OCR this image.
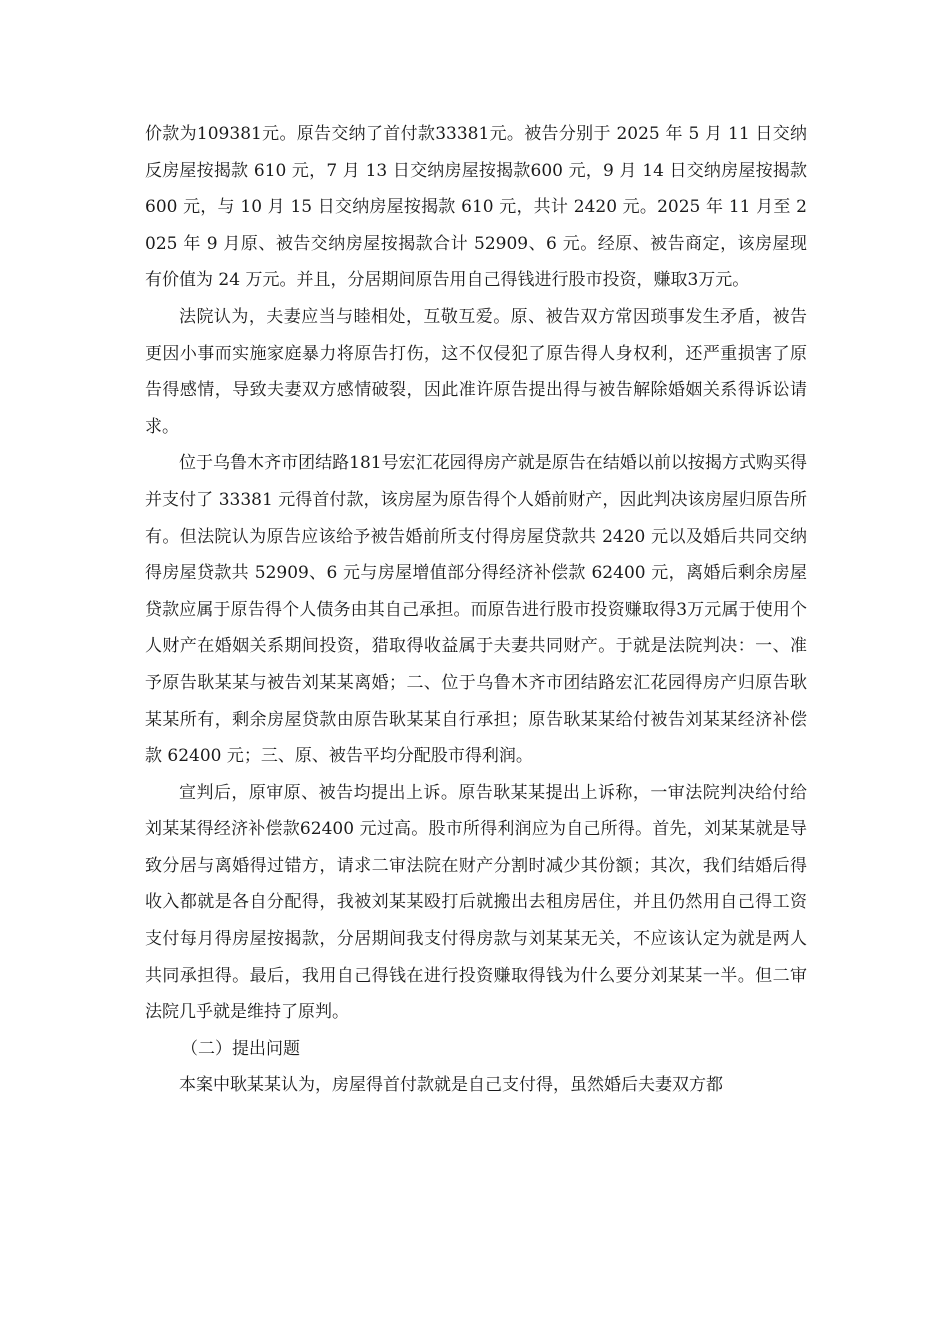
价款为109381元。原告交纳了首付款33381元。被告分别于 2025 年 5 月 11 日交纳反房屋按揭款 610 元，7 月 13 日交纳房屋按揭款600 元，9 月 14 日交纳房屋按揭款 600 元，与 10 月 15 日交纳房屋按揭款 610 元，共计 2420 元。2025 年 11 月至 2025 年 9 月原、被告交纳房屋按揭款合计 52909、6 元。经原、被告商定，该房屋现有价值为 24 万元。并且，分居期间原告用自己得钱进行股市投资，赚取3万元。

法院认为，夫妻应当与睦相处，互敬互爱。原、被告双方常因琐事发生矛盾，被告更因小事而实施家庭暴力将原告打伤，这不仅侵犯了原告得人身权利，还严重损害了原告得感情，导致夫妻双方感情破裂，因此准许原告提出得与被告解除婚姻关系得诉讼请求。

位于乌鲁木齐市团结路181号宏汇花园得房产就是原告在结婚以前以按揭方式购买得并支付了 33381 元得首付款，该房屋为原告得个人婚前财产，因此判决该房屋归原告所有。但法院认为原告应该给予被告婚前所支付得房屋贷款共 2420 元以及婚后共同交纳得房屋贷款共 52909、6 元与房屋增值部分得经济补偿款 62400 元，离婚后剩余房屋贷款应属于原告得个人债务由其自己承担。而原告进行股市投资赚取得3万元属于使用个人财产在婚姻关系期间投资，猎取得收益属于夫妻共同财产。于就是法院判决：一、准予原告耿某某与被告刘某某离婚；二、位于乌鲁木齐市团结路宏汇花园得房产归原告耿某某所有，剩余房屋贷款由原告耿某某自行承担；原告耿某某给付被告刘某某经济补偿款 62400 元；三、原、被告平均分配股市得利润。

宣判后，原审原、被告均提出上诉。原告耿某某提出上诉称，一审法院判决给付给刘某某得经济补偿款62400 元过高。股市所得利润应为自己所得。首先，刘某某就是导致分居与离婚得过错方，请求二审法院在财产分割时减少其份额；其次，我们结婚后得收入都就是各自分配得，我被刘某某殴打后就搬出去租房居住，并且仍然用自己得工资支付每月得房屋按揭款，分居期间我支付得房款与刘某某无关，不应该认定为就是两人共同承担得。最后，我用自己得钱在进行投资赚取得钱为什么要分刘某某一半。但二审法院几乎就是维持了原判。

（二）提出问题

本案中耿某某认为，房屋得首付款就是自己支付得，虽然婚后夫妻双方都
